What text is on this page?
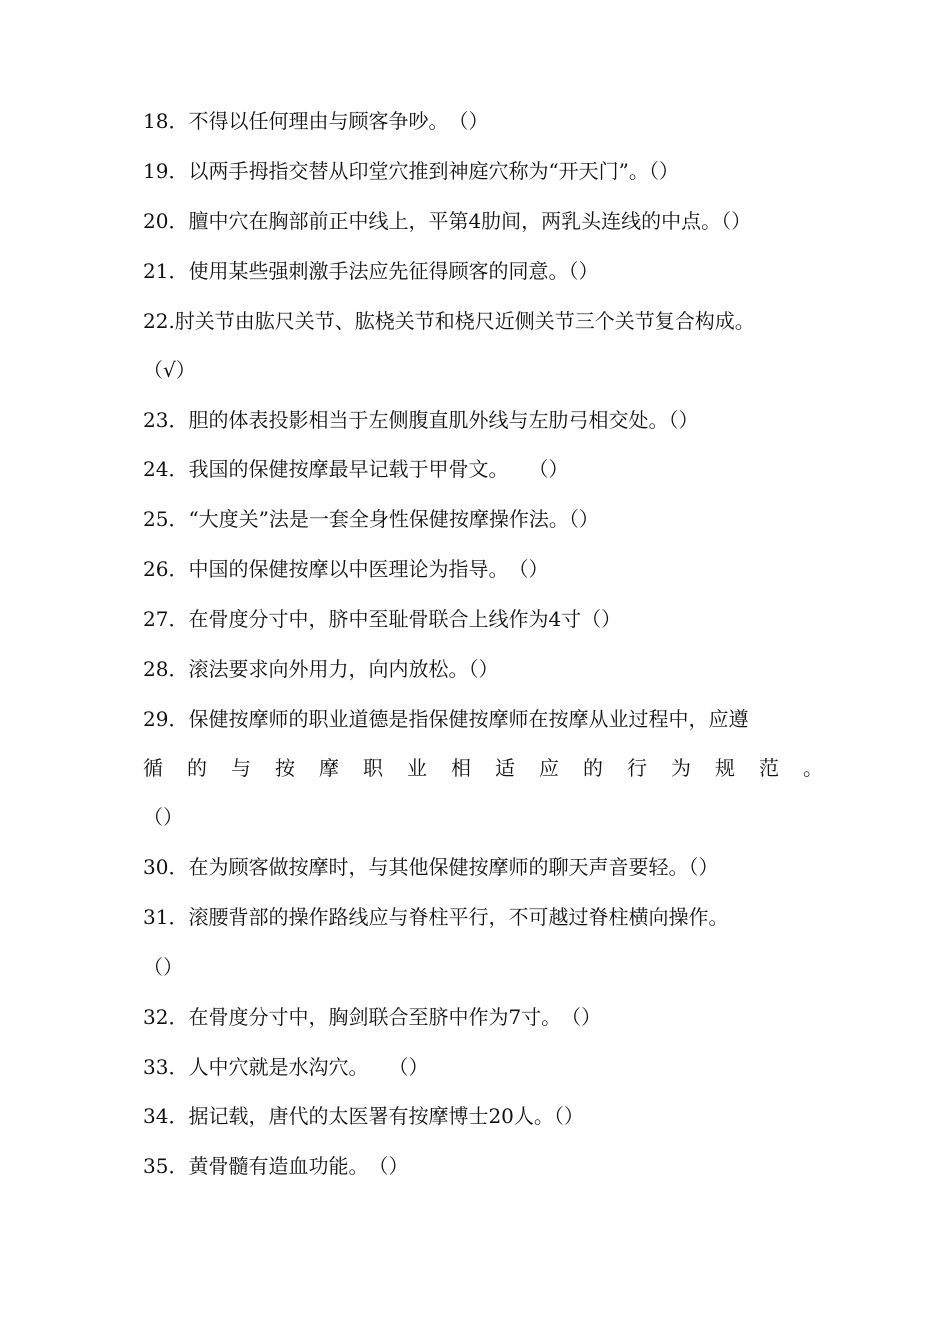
18．不得以任何理由与顾客争吵。　（）
19．以两手拇指交替从印堂穴推到神庭穴称为“开天门”。（）
20．膻中穴在胸部前正中线上，平第4肋间，两乳头连线的中点。（）
21．使用某些强刺激手法应先征得顾客的同意。（）
22.肘关节由肱尺关节、肱桡关节和桡尺近侧关节三个关节复合构成。
（√）
23．胆的体表投影相当于左侧腹直肌外线与左肋弓相交处。（）
24．我国的保健按摩最早记载于甲骨文。　　（）
25．“大度关”法是一套全身性保健按摩操作法。（）
26．中国的保健按摩以中医理论为指导。　（）
27．在骨度分寸中，脐中至耻骨联合上线作为4寸（）
28．滚法要求向外用力，向内放松。（）
29．保健按摩师的职业道德是指保健按摩师在按摩从业过程中，应遵
循 的 与 按 摩 职 业 相 适 应 的 行 为 规 范 。
（）
30．在为顾客做按摩时，与其他保健按摩师的聊天声音要轻。（）
31．滚腰背部的操作路线应与脊柱平行，不可越过脊柱横向操作。
（）
32．在骨度分寸中，胸剑联合至脐中作为7寸。　（）
33．人中穴就是水沟穴。　　（）
34．据记载，唐代的太医署有按摩博士20人。（）
35．黄骨髓有造血功能。　（）
